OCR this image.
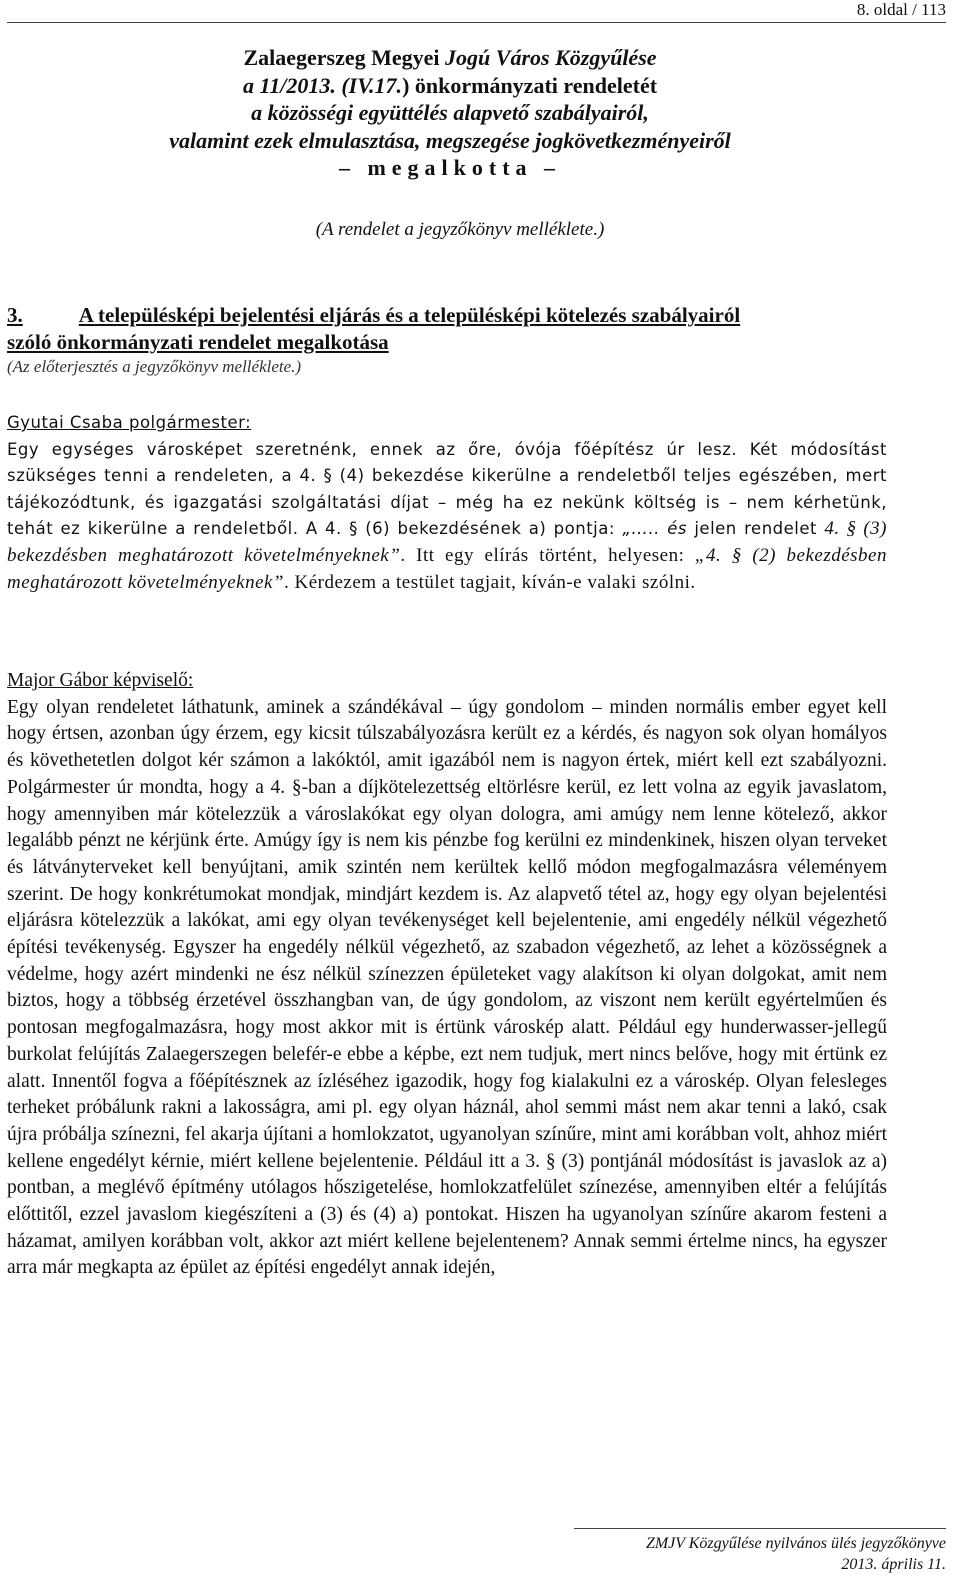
8. oldal / 113
Zalaegerszeg Megyei Jogú Város Közgyűlése
a 11/2013. (IV.17.) önkormányzati rendeletét
a közösségi együttélés alapvető szabályairól,
valamint ezek elmulasztása, megszegése jogkövetkezményeiről
– megalkotta –
(A rendelet a jegyzőkönyv melléklete.)
3.	A településképi bejelentési eljárás és a településképi kötelezés szabályairól
szóló önkormányzati rendelet megalkotása
(Az előterjesztés a jegyzőkönyv melléklete.)
Gyutai Csaba polgármester:
Egy egységes városképet szeretnénk, ennek az őre, óvója főépítész úr lesz. Két módosítást szükséges tenni a rendeleten, a 4. § (4) bekezdése kikerülne a rendeletből teljes egészében, mert tájékozódtunk, és igazgatási szolgáltatási díjat – még ha ez nekünk költség is – nem kérhetünk, tehát ez kikerülne a rendeletből. A 4. § (6) bekezdésének a) pontja: „….. és jelen rendelet 4. § (3) bekezdésben meghatározott követelményeknek”. Itt egy elírás történt, helyesen: „4. § (2) bekezdésben meghatározott követelményeknek”. Kérdezem a testület tagjait, kíván-e valaki szólni.
Major Gábor képviselő:
Egy olyan rendeletet láthatunk, aminek a szándékával – úgy gondolom – minden normális ember egyet kell hogy értsen, azonban úgy érzem, egy kicsit túlszabályozásra került ez a kérdés, és nagyon sok olyan homályos és követhetetlen dolgot kér számon a lakóktól, amit igazából nem is nagyon értek, miért kell ezt szabályozni. Polgármester úr mondta, hogy a 4. §-ban a díjkötelezettség eltörlésre kerül, ez lett volna az egyik javaslatom, hogy amennyiben már kötelezzük a városlakókat egy olyan dologra, ami amúgy nem lenne kötelező, akkor legalább pénzt ne kérjünk érte. Amúgy így is nem kis pénzbe fog kerülni ez mindenkinek, hiszen olyan terveket és látványterveket kell benyújtani, amik szintén nem kerültek kellő módon megfogalmazásra véleményem szerint. De hogy konkrétumokat mondjak, mindjárt kezdem is. Az alapvető tétel az, hogy egy olyan bejelentési eljárásra kötelezzük a lakókat, ami egy olyan tevékenységet kell bejelentenie, ami engedély nélkül végezhető építési tevékenység. Egyszer ha engedély nélkül végezhető, az szabadon végezhető, az lehet a közösségnek a védelme, hogy azért mindenki ne ész nélkül színezzen épületeket vagy alakítson ki olyan dolgokat, amit nem biztos, hogy a többség érzetével összhangban van, de úgy gondolom, az viszont nem került egyértelműen és pontosan megfogalmazásra, hogy most akkor mit is értünk városkép alatt. Például egy hunderwasser-jellegű burkolat felújítás Zalaegerszegen belefér-e ebbe a képbe, ezt nem tudjuk, mert nincs belőve, hogy mit értünk ez alatt. Innentől fogva a főépítésznek az ízléséhez igazodik, hogy fog kialakulni ez a városkép. Olyan felesleges terheket próbálunk rakni a lakosságra, ami pl. egy olyan háznál, ahol semmi mást nem akar tenni a lakó, csak újra próbálja színezni, fel akarja újítani a homlokzatot, ugyanolyan színűre, mint ami korábban volt, ahhoz miért kellene engedélyt kérnie, miért kellene bejelentenie. Például itt a 3. § (3) pontjánál módosítást is javaslok az a) pontban, a meglévő építmény utólagos hőszigetelése, homlokzatfelület színezése, amennyiben eltér a felújítás előttitől, ezzel javaslom kiegészíteni a (3) és (4) a) pontokat. Hiszen ha ugyanolyan színűre akarom festeni a házamat, amilyen korábban volt, akkor azt miért kellene bejelentenem? Annak semmi értelme nincs, ha egyszer arra már megkapta az épület az építési engedélyt annak idején,
ZMJV Közgyűlése nyilvános ülés jegyzőkönyve
2013. április 11.
